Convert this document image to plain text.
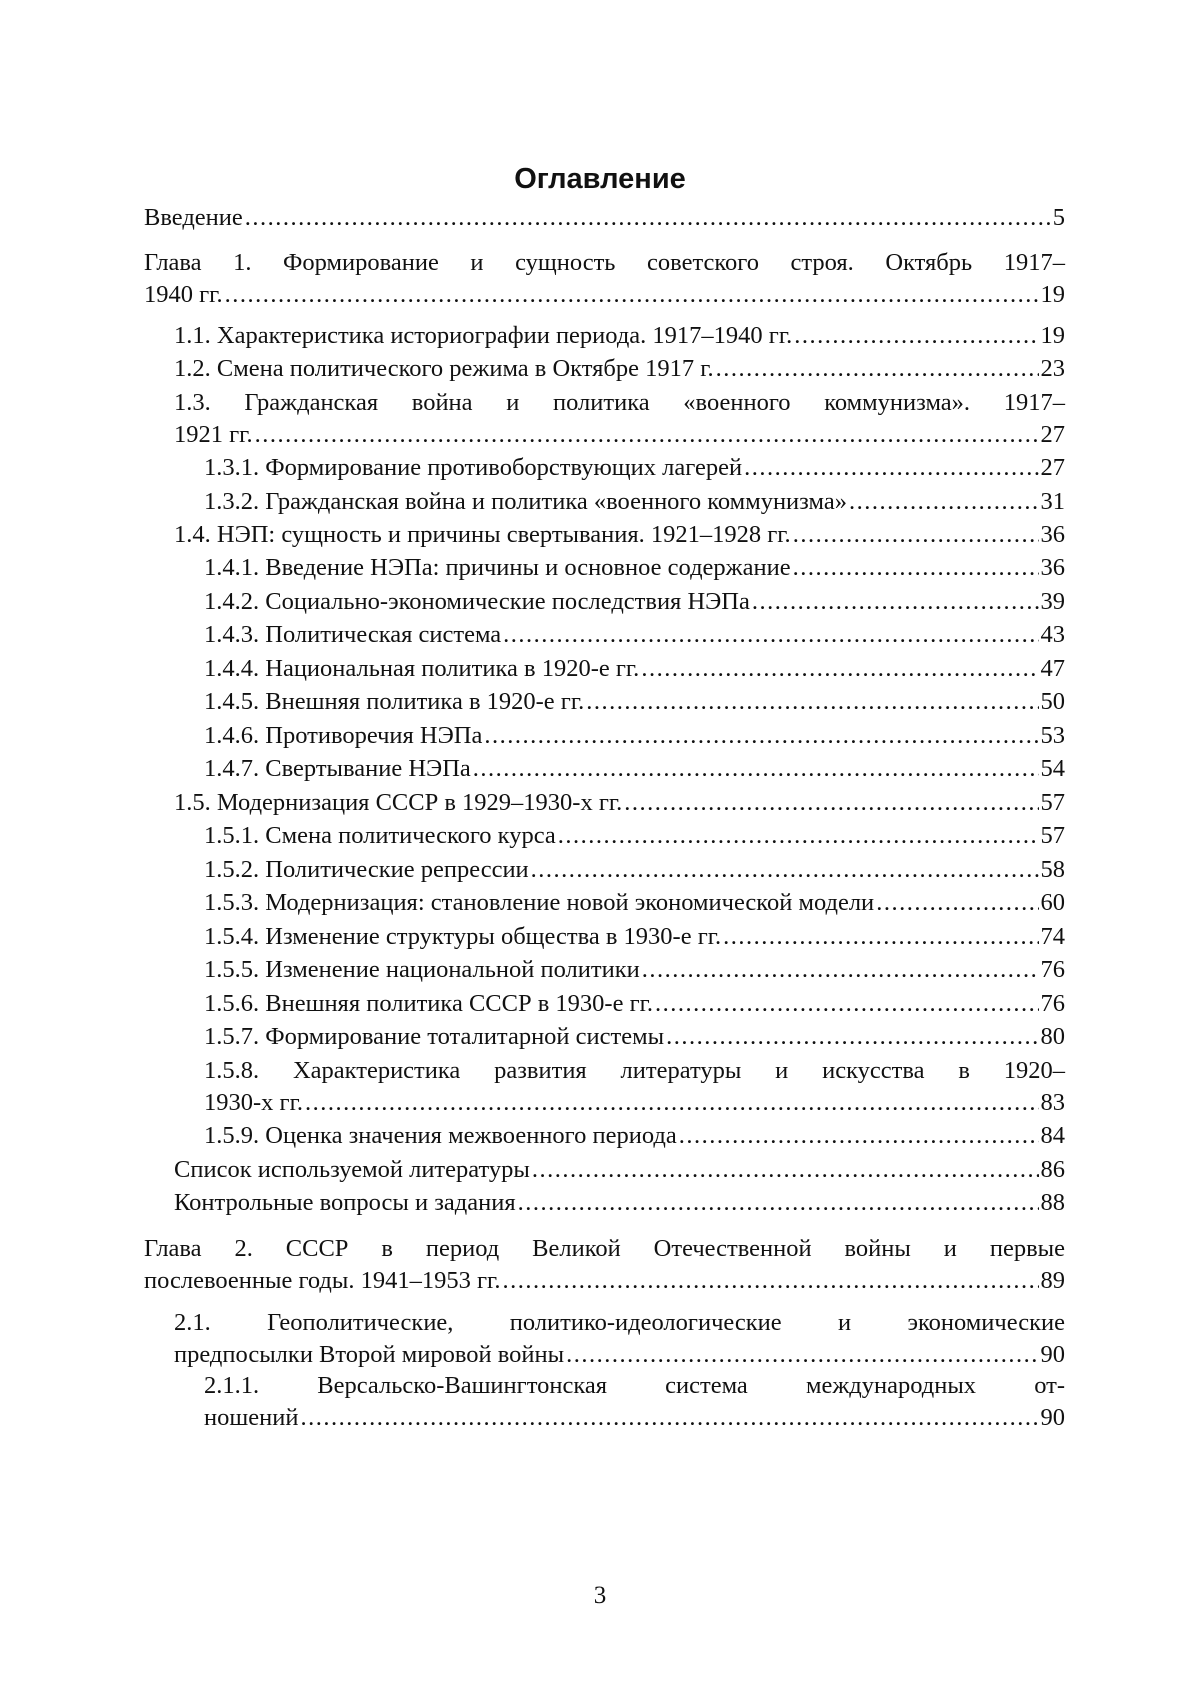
Оглавление
Введение
.....	5
Глава 1. Формирование и сущность советского строя. Октябрь 1917–
1940 гг.
.....	19
1.1. Характеристика историографии периода. 1917–1940 гг.
.....	19
1.2. Смена политического режима в Октябре 1917 г.
.....	23
1.3. Гражданская война и политика «военного коммунизма». 1917–
1921 гг.
.....	27
1.3.1. Формирование противоборствующих лагерей
.....	27
1.3.2. Гражданская война и политика «военного коммунизма»
.....	31
1.4. НЭП: сущность и причины свертывания. 1921–1928 гг.
.....	36
1.4.1. Введение НЭПа: причины и основное содержание
.....	36
1.4.2. Социально-экономические последствия НЭПа
.....	39
1.4.3. Политическая система
.....	43
1.4.4. Национальная политика в 1920-е гг.
.....	47
1.4.5. Внешняя политика в 1920-е гг.
.....	50
1.4.6. Противоречия НЭПа
.....	53
1.4.7. Свертывание НЭПа
.....	54
1.5. Модернизация СССР в 1929–1930-х гг.
.....	57
1.5.1. Смена политического курса
.....	57
1.5.2. Политические репрессии
.....	58
1.5.3. Модернизация: становление новой экономической модели
.....	60
1.5.4. Изменение структуры общества в 1930-е гг.
.....	74
1.5.5. Изменение национальной политики
.....	76
1.5.6. Внешняя политика СССР в 1930-е гг.
.....	76
1.5.7. Формирование тоталитарной системы
.....	80
1.5.8. Характеристика развития литературы и искусства в 1920–
1930-х гг.
.....	83
1.5.9. Оценка значения межвоенного периода
.....	84
Список используемой литературы
.....	86
Контрольные вопросы и задания
.....	88
Глава 2. СССР в период Великой Отечественной войны и первые
послевоенные годы. 1941–1953 гг.
.....	89
2.1. Геополитические, политико-идеологические и экономические
предпосылки Второй мировой войны
.....	90
2.1.1. Версальско-Вашингтонская система международных от-
ношений
.....	90
3
